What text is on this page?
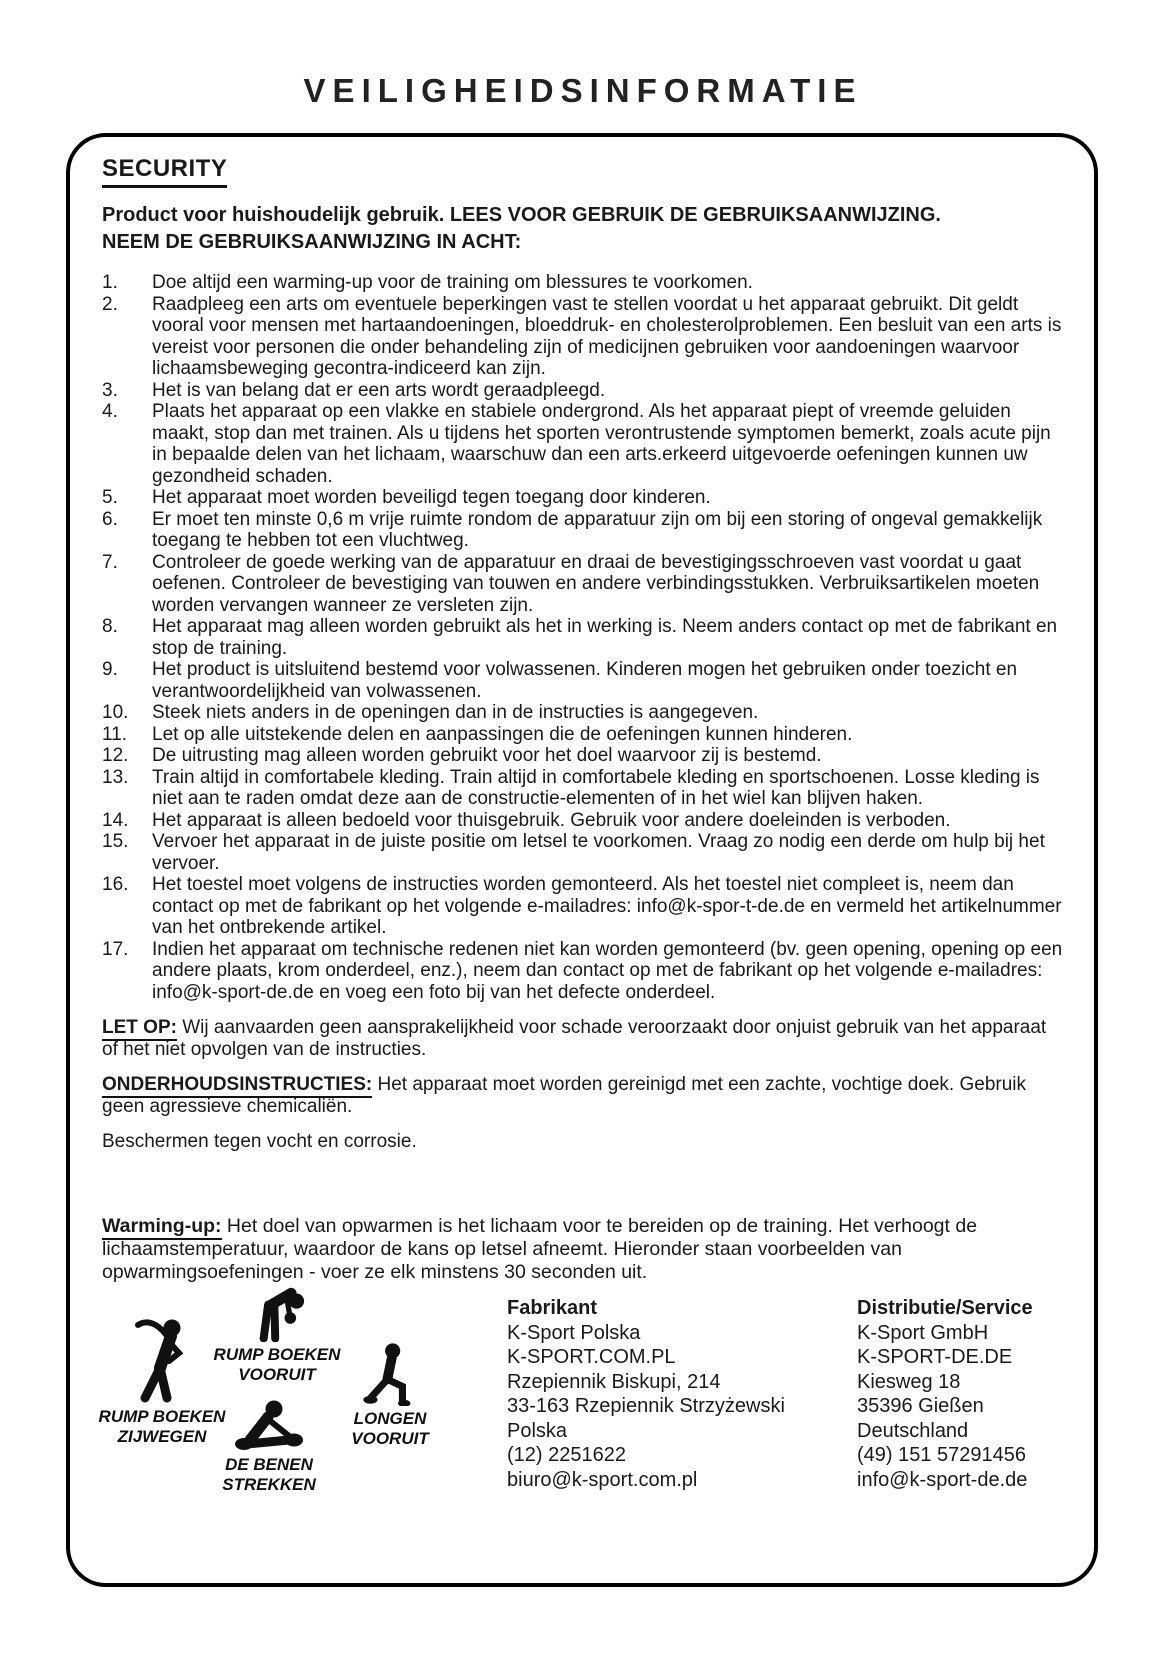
VEILIGHEIDSINFORMATIE
SECURITY

Product voor huishoudelijk gebruik. LEES VOOR GEBRUIK DE GEBRUIKSAANWIJZING.
NEEM DE GEBRUIKSAANWIJZING IN ACHT:

1.	Doe altijd een warming-up voor de training om blessures te voorkomen.
2.	Raadpleeg een arts om eventuele beperkingen vast te stellen voordat u het apparaat gebruikt. Dit geldt vooral voor mensen met hartaandoeningen, bloeddruk- en cholesterolproblemen. Een besluit van een arts is vereist voor personen die onder behandeling zijn of medicijnen gebruiken voor aandoeningen waarvoor lichaamsbeweging gecontra-indiceerd kan zijn.
3.	Het is van belang dat er een arts wordt geraadpleegd.
4.	Plaats het apparaat op een vlakke en stabiele ondergrond. Als het apparaat piept of vreemde geluiden maakt, stop dan met trainen. Als u tijdens het sporten verontrustende symptomen bemerkt, zoals acute pijn in bepaalde delen van het lichaam, waarschuw dan een arts.erkeerd uitgevoerde oefeningen kunnen uw gezondheid schaden.
5.	Het apparaat moet worden beveiligd tegen toegang door kinderen.
6.	Er moet ten minste 0,6 m vrije ruimte rondom de apparatuur zijn om bij een storing of ongeval gemakkelijk toegang te hebben tot een vluchtweg.
7.	Controleer de goede werking van de apparatuur en draai de bevestigingsschroeven vast voordat u gaat oefenen. Controleer de bevestiging van touwen en andere verbindingsstukken. Verbruiksartikelen moeten worden vervangen wanneer ze versleten zijn.
8.	Het apparaat mag alleen worden gebruikt als het in werking is. Neem anders contact op met de fabrikant en stop de training.
9.	Het product is uitsluitend bestemd voor volwassenen. Kinderen mogen het gebruiken onder toezicht en verantwoordelijkheid van volwassenen.
10.	Steek niets anders in de openingen dan in de instructies is aangegeven.
11.	Let op alle uitstekende delen en aanpassingen die de oefeningen kunnen hinderen.
12.	De uitrusting mag alleen worden gebruikt voor het doel waarvoor zij is bestemd.
13.	Train altijd in comfortabele kleding. Train altijd in comfortabele kleding en sportschoenen. Losse kleding is niet aan te raden omdat deze aan de constructie-elementen of in het wiel kan blijven haken.
14.	Het apparaat is alleen bedoeld voor thuisgebruik. Gebruik voor andere doeleinden is verboden.
15.	Vervoer het apparaat in de juiste positie om letsel te voorkomen. Vraag zo nodig een derde om hulp bij het vervoer.
16.	Het toestel moet volgens de instructies worden gemonteerd. Als het toestel niet compleet is, neem dan contact op met de fabrikant op het volgende e-mailadres: info@k-spor-t-de.de en vermeld het artikelnummer van het ontbrekende artikel.
17.	Indien het apparaat om technische redenen niet kan worden gemonteerd (bv. geen opening, opening op een andere plaats, krom onderdeel, enz.), neem dan contact op met de fabrikant op het volgende e-mailadres: info@k-sport-de.de en voeg een foto bij van het defecte onderdeel.

LET OP: Wij aanvaarden geen aansprakelijkheid voor schade veroorzaakt door onjuist gebruik van het apparaat of het niet opvolgen van de instructies.

ONDERHOUDSINSTRUCTIES: Het apparaat moet worden gereinigd met een zachte, vochtige doek. Gebruik geen agressieve chemicaliën.

Beschermen tegen vocht en corrosie.

Warming-up: Het doel van opwarmen is het lichaam voor te bereiden op de training. Het verhoogt de lichaamstemperatuur, waardoor de kans op letsel afneemt. Hieronder staan voorbeelden van opwarmingsoefeningen - voer ze elk minstens 30 seconden uit.

RUMP BOEKEN
VOORUIT
RUMP BOEKEN
ZIJWEGEN
DE BENEN
STREKKEN
LONGEN
VOORUIT
Fabrikant
K-Sport Polska
K-SPORT.COM.PL
Rzepiennik Biskupi, 214
33-163 Rzepiennik Strzyżewski
Polska
(12) 2251622
biuro@k-sport.com.pl
Distributie/Service
K-Sport GmbH
K-SPORT-DE.DE
Kiesweg 18
35396 Gießen
Deutschland
(49) 151 57291456
info@k-sport-de.de
